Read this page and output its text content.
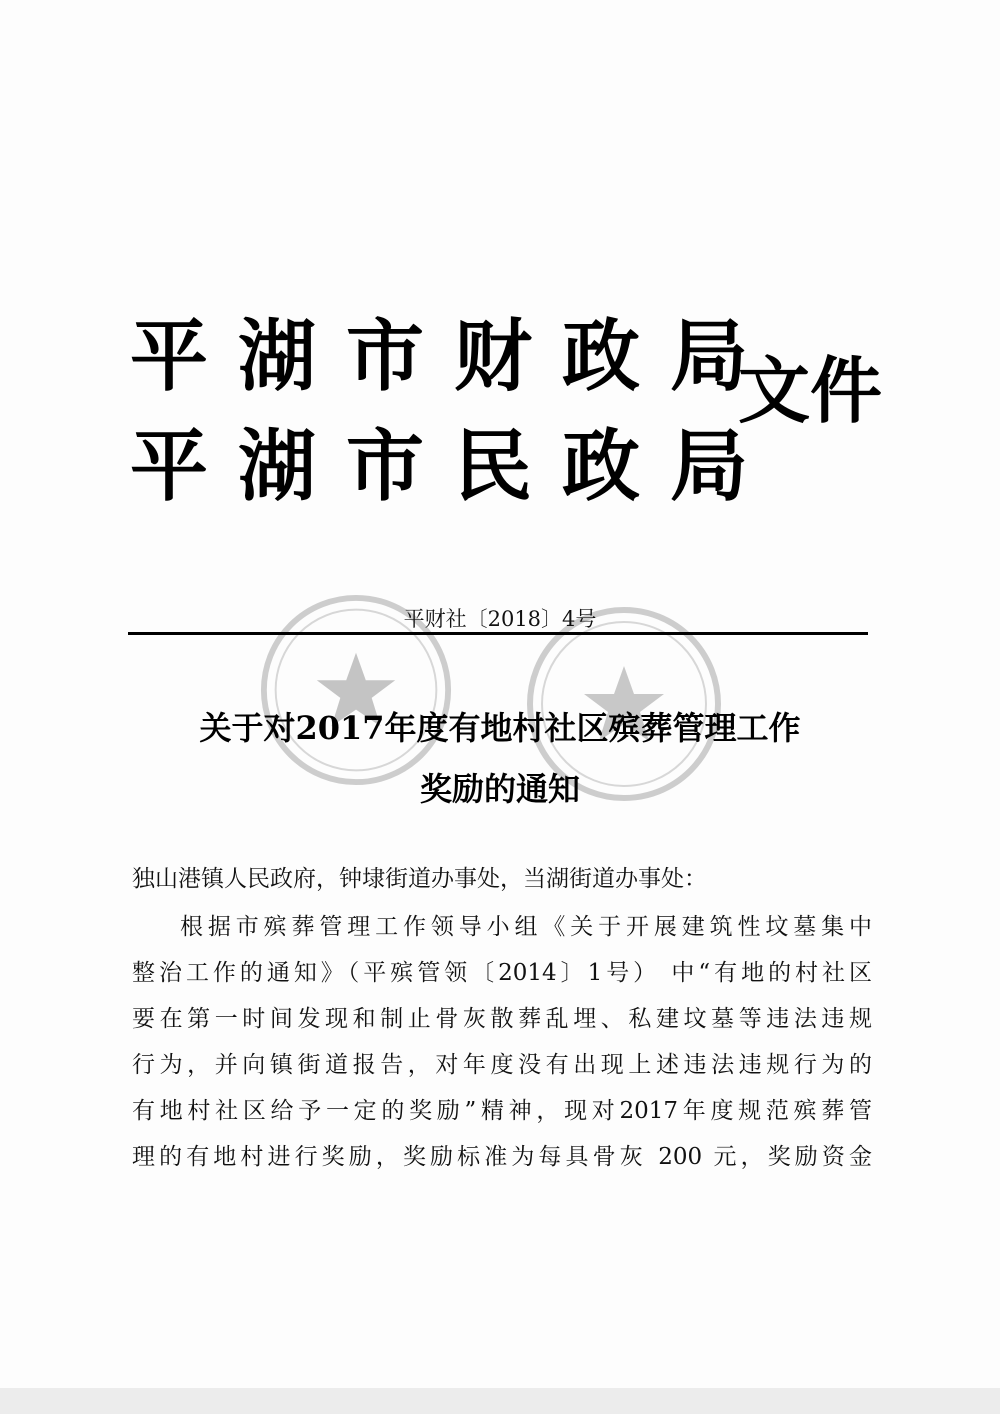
平湖市财政局
平湖市民政局
文件
平财社〔2018〕4号
关于对2017年度有地村社区殡葬管理工作
奖励的通知
独山港镇人民政府，钟埭街道办事处，当湖街道办事处：
根据市殡葬管理工作领导小组《关于开展建筑性坟墓集中
整治工作的通知》（平殡管领〔2014〕1号） 中“有地的村社区
要在第一时间发现和制止骨灰散葬乱埋、私建坟墓等违法违规
行为，并向镇街道报告，对年度没有出现上述违法违规行为的
有地村社区给予一定的奖励”精神，现对2017年度规范殡葬管
理的有地村进行奖励，奖励标准为每具骨灰 200 元，奖励资金
